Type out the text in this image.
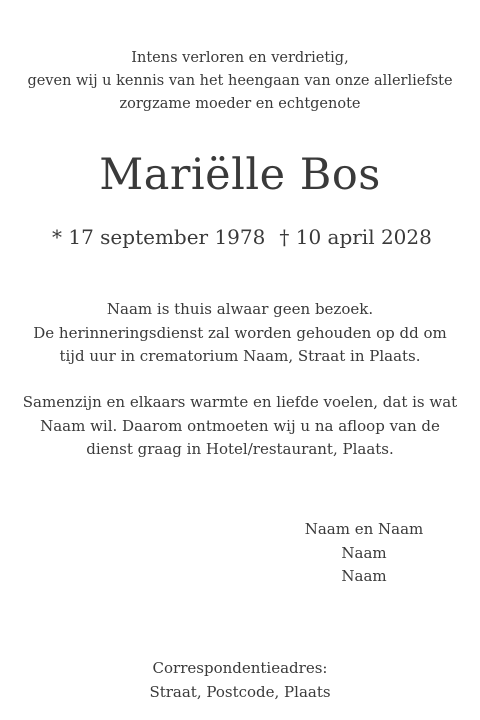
Intens verloren en verdrietig,
geven wij u kennis van het heengaan van onze allerliefste
zorgzame moeder en echtgenote
Mariëlle Bos
* 17 september 1978 † 10 april 2028
Naam is thuis alwaar geen bezoek.
De herinneringsdienst zal worden gehouden op dd om
tijd uur in crematorium Naam, Straat in Plaats.
Samenzijn en elkaars warmte en liefde voelen, dat is wat
Naam wil. Daarom ontmoeten wij u na afloop van de
dienst graag in Hotel/restaurant, Plaats.
Naam en Naam
Naam
Naam
Correspondentieadres:
Straat, Postcode, Plaats
